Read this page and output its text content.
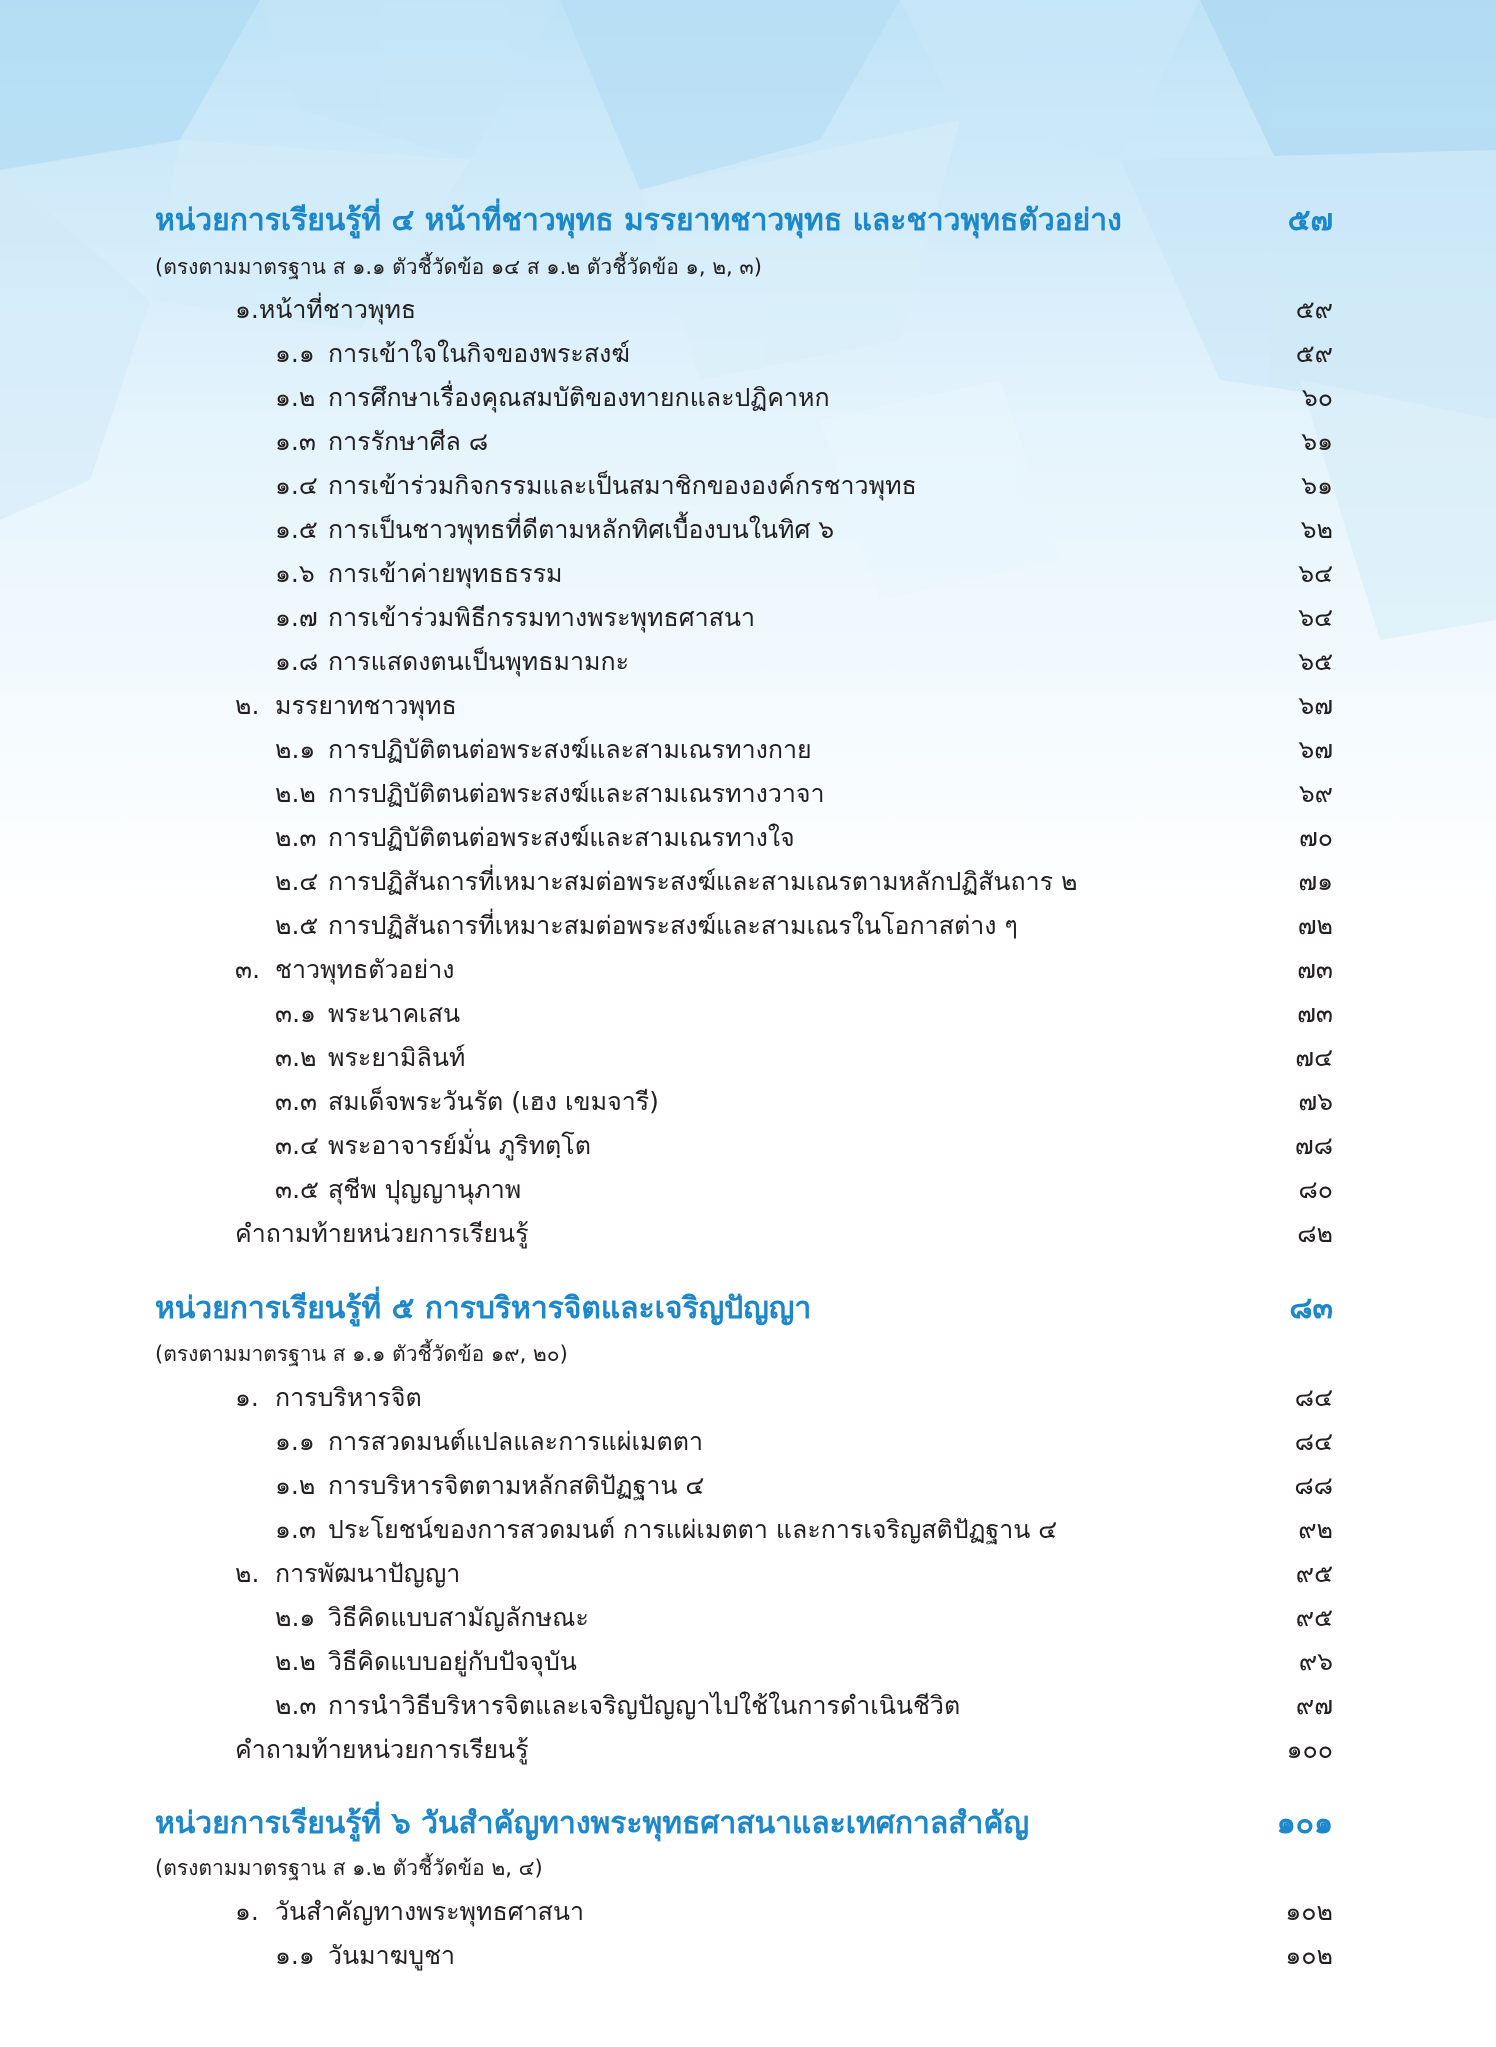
หน่วยการเรียนรู้ที่ ๔ หน้าที่ชาวพุทธ มรรยาทชาวพุทธ และชาวพุทธตัวอย่าง	๕๗
(ตรงตามมาตรฐาน ส ๑.๑ ตัวชี้วัดข้อ ๑๔ ส ๑.๒ ตัวชี้วัดข้อ ๑, ๒, ๓)
๑.หน้าที่ชาวพุทธ	๕๙
๑.๑ การเข้าใจในกิจของพระสงฆ์	๕๙
๑.๒ การศึกษาเรื่องคุณสมบัติของทายกและปฏิคาหก	๖๐
๑.๓ การรักษาศีล ๘	๖๑
๑.๔ การเข้าร่วมกิจกรรมและเป็นสมาชิกขององค์กรชาวพุทธ	๖๑
๑.๕ การเป็นชาวพุทธที่ดีตามหลักทิศเบื้องบนในทิศ ๖	๖๒
๑.๖ การเข้าค่ายพุทธธรรม	๖๔
๑.๗ การเข้าร่วมพิธีกรรมทางพระพุทธศาสนา	๖๔
๑.๘ การแสดงตนเป็นพุทธมามกะ	๖๕
๒. มรรยาทชาวพุทธ	๖๗
๒.๑ การปฏิบัติตนต่อพระสงฆ์และสามเณรทางกาย	๖๗
๒.๒ การปฏิบัติตนต่อพระสงฆ์และสามเณรทางวาจา	๖๙
๒.๓ การปฏิบัติตนต่อพระสงฆ์และสามเณรทางใจ	๗๐
๒.๔ การปฏิสันถารที่เหมาะสมต่อพระสงฆ์และสามเณรตามหลักปฏิสันถาร ๒	๗๑
๒.๕ การปฏิสันถารที่เหมาะสมต่อพระสงฆ์และสามเณรในโอกาสต่าง ๆ	๗๒
๓. ชาวพุทธตัวอย่าง	๗๓
๓.๑ พระนาคเสน	๗๓
๓.๒ พระยามิลินท์	๗๔
๓.๓ สมเด็จพระวันรัต (เฮง เขมจารี)	๗๖
๓.๔ พระอาจารย์มั่น ภูริทตฺโต	๗๘
๓.๕ สุชีพ ปุญญานุภาพ	๘๐
คำถามท้ายหน่วยการเรียนรู้	๘๒
หน่วยการเรียนรู้ที่ ๕ การบริหารจิตและเจริญปัญญา	๘๓
(ตรงตามมาตรฐาน ส ๑.๑ ตัวชี้วัดข้อ ๑๙, ๒๐)
๑. การบริหารจิต	๘๔
๑.๑ การสวดมนต์แปลและการแผ่เมตตา	๘๔
๑.๒ การบริหารจิตตามหลักสติปัฏฐาน ๔	๘๘
๑.๓ ประโยชน์ของการสวดมนต์ การแผ่เมตตา และการเจริญสติปัฏฐาน ๔	๙๒
๒. การพัฒนาปัญญา	๙๕
๒.๑ วิธีคิดแบบสามัญลักษณะ	๙๕
๒.๒ วิธีคิดแบบอยู่กับปัจจุบัน	๙๖
๒.๓ การนำวิธีบริหารจิตและเจริญปัญญาไปใช้ในการดำเนินชีวิต	๙๗
คำถามท้ายหน่วยการเรียนรู้	๑๐๐
หน่วยการเรียนรู้ที่ ๖ วันสำคัญทางพระพุทธศาสนาและเทศกาลสำคัญ	๑๐๑
(ตรงตามมาตรฐาน ส ๑.๒ ตัวชี้วัดข้อ ๒, ๔)
๑. วันสำคัญทางพระพุทธศาสนา	๑๐๒
๑.๑ วันมาฆบูชา	๑๐๒
